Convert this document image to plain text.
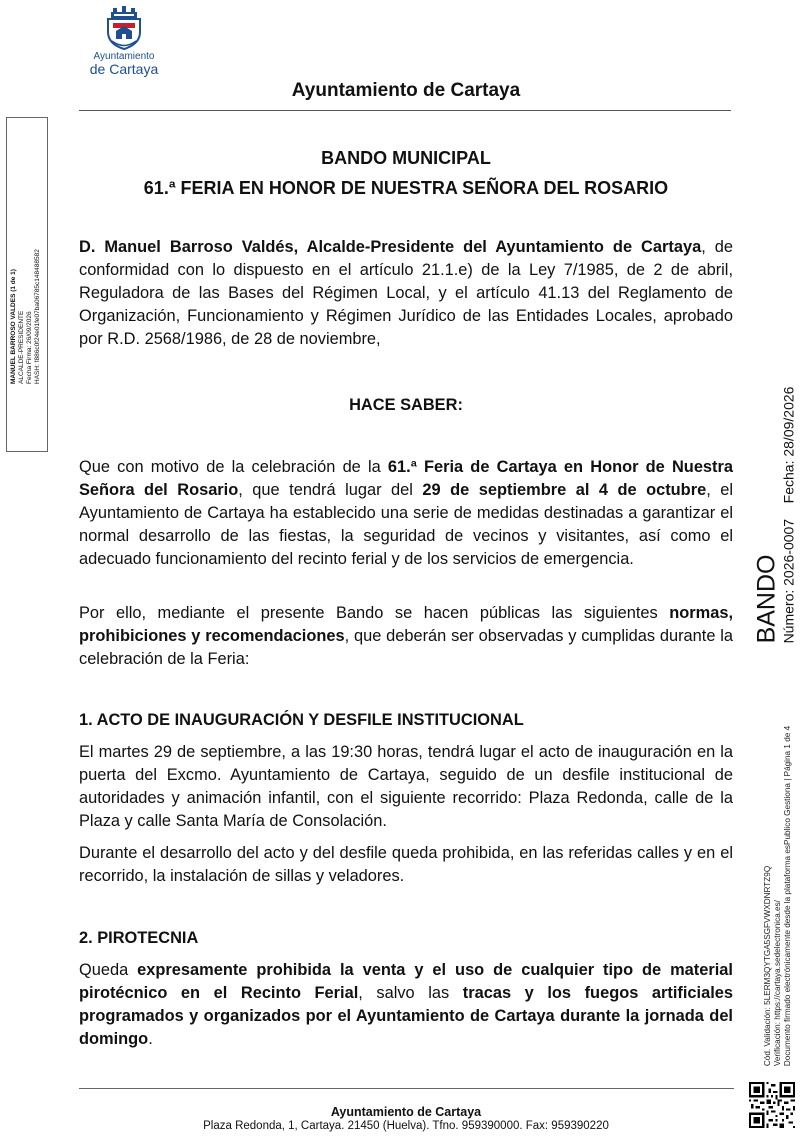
Ayuntamiento
de Cartaya
Ayuntamiento de Cartaya
MANUEL BARROSO VALDES (1 de 1) ALCALDE-PRESIDENTE Fecha Firma: 26/09/2026 HASH: f886c0f24e01fe07ba06785c148488582
BANDO MUNICIPAL
61.ª FERIA EN HONOR DE NUESTRA SEÑORA DEL ROSARIO
D. Manuel Barroso Valdés, Alcalde-Presidente del Ayuntamiento de Cartaya, de conformidad con lo dispuesto en el artículo 21.1.e) de la Ley 7/1985, de 2 de abril, Reguladora de las Bases del Régimen Local, y el artículo 41.13 del Reglamento de Organización, Funcionamiento y Régimen Jurídico de las Entidades Locales, aprobado por R.D. 2568/1986, de 28 de noviembre,
HACE SABER:
Que con motivo de la celebración de la 61.ª Feria de Cartaya en Honor de Nuestra Señora del Rosario, que tendrá lugar del 29 de septiembre al 4 de octubre, el Ayuntamiento de Cartaya ha establecido una serie de medidas destinadas a garantizar el normal desarrollo de las fiestas, la seguridad de vecinos y visitantes, así como el adecuado funcionamiento del recinto ferial y de los servicios de emergencia.
Por ello, mediante el presente Bando se hacen públicas las siguientes normas, prohibiciones y recomendaciones, que deberán ser observadas y cumplidas durante la celebración de la Feria:
1. ACTO DE INAUGURACIÓN Y DESFILE INSTITUCIONAL
El martes 29 de septiembre, a las 19:30 horas, tendrá lugar el acto de inauguración en la puerta del Excmo. Ayuntamiento de Cartaya, seguido de un desfile institucional de autoridades y animación infantil, con el siguiente recorrido: Plaza Redonda, calle de la Plaza y calle Santa María de Consolación.
Durante el desarrollo del acto y del desfile queda prohibida, en las referidas calles y en el recorrido, la instalación de sillas y veladores.
2. PIROTECNIA
Queda expresamente prohibida la venta y el uso de cualquier tipo de material pirotécnico en el Recinto Ferial, salvo las tracas y los fuegos artificiales programados y organizados por el Ayuntamiento de Cartaya durante la jornada del domingo.
BANDO Número: 2026-0007    Fecha: 28/09/2026
Cód. Validación: 5LERM3QYTGA5SGFVWXDNRTZ9Q Verificación: https://cartaya.sedelectronica.es/ Documento firmado electrónicamente desde la plataforma esPublico Gestiona | Página 1 de 4
Ayuntamiento de Cartaya
Plaza Redonda, 1, Cartaya. 21450 (Huelva). Tfno. 959390000. Fax: 959390220
